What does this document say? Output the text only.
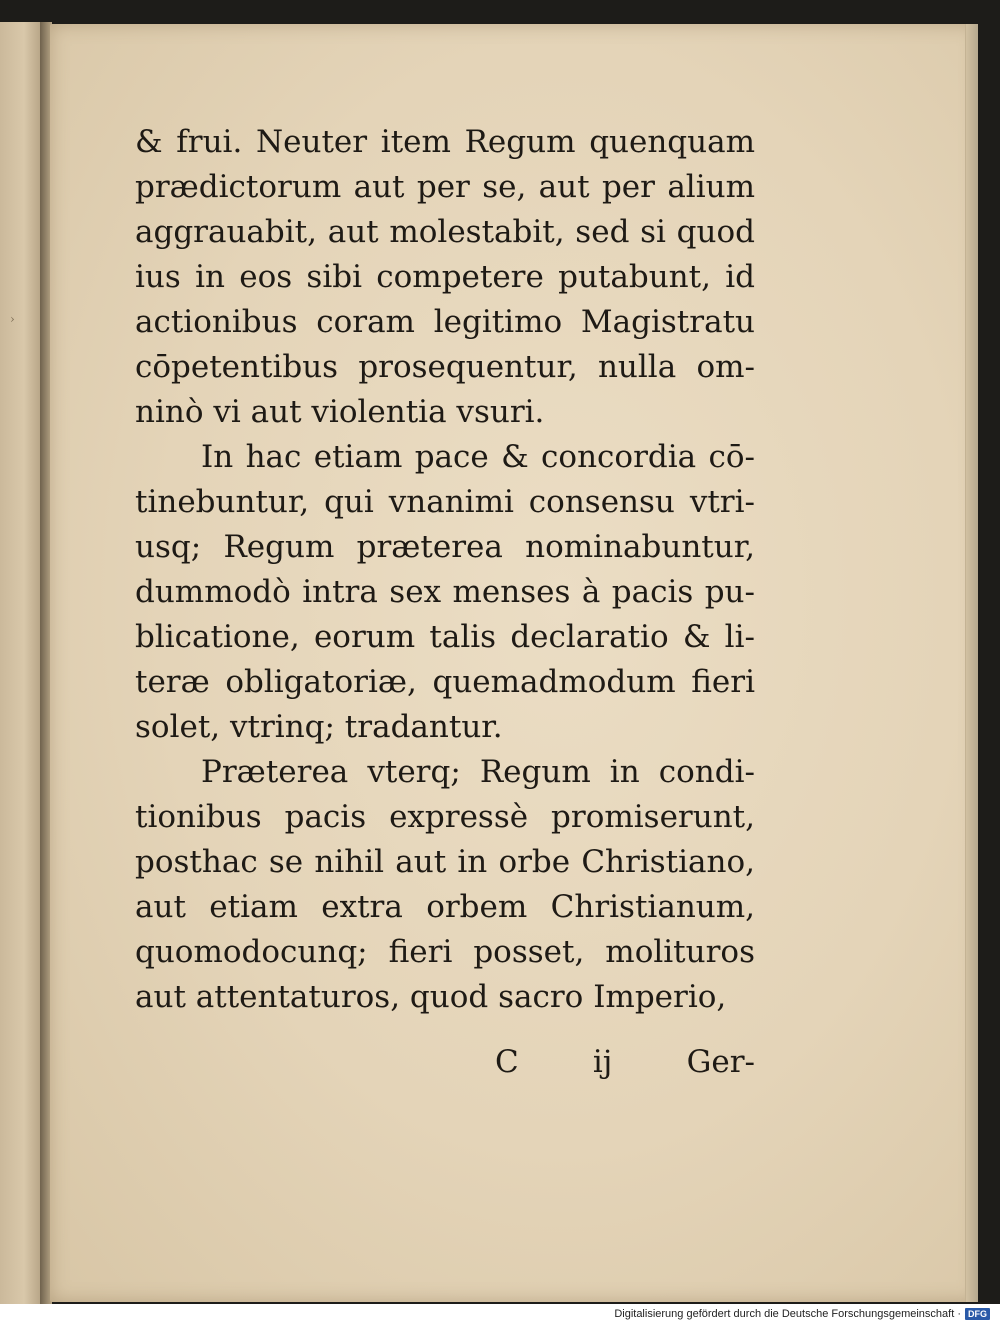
›
& frui. Neuter item Regum quenquam
prædictorum aut per se, aut per alium
aggrauabit, aut molestabit, sed si quod
ius in eos sibi competere putabunt, id
actionibus coram legitimo Magistratu
cōpetentibus prosequentur, nulla om-
ninò vi aut violentia vsuri.
In hac etiam pace & concordia cō-
tinebuntur, qui vnanimi consensu vtri-
usq; Regum præterea nominabuntur,
dummodò intra sex menses à pacis pu-
blicatione, eorum talis declaratio & li-
teræ obligatoriæ, quemadmodum fieri
solet, vtrinq; tradantur.
Præterea vterq; Regum in condi-
tionibus pacis expressè promiserunt,
posthac se nihil aut in orbe Christiano,
aut etiam extra orbem Christianum,
quomodocunq; fieri posset, molituros
aut attentaturos, quod sacro Imperio,
C ij Ger-
Digitalisierung gefördert durch die Deutsche Forschungsgemeinschaft · DFG
